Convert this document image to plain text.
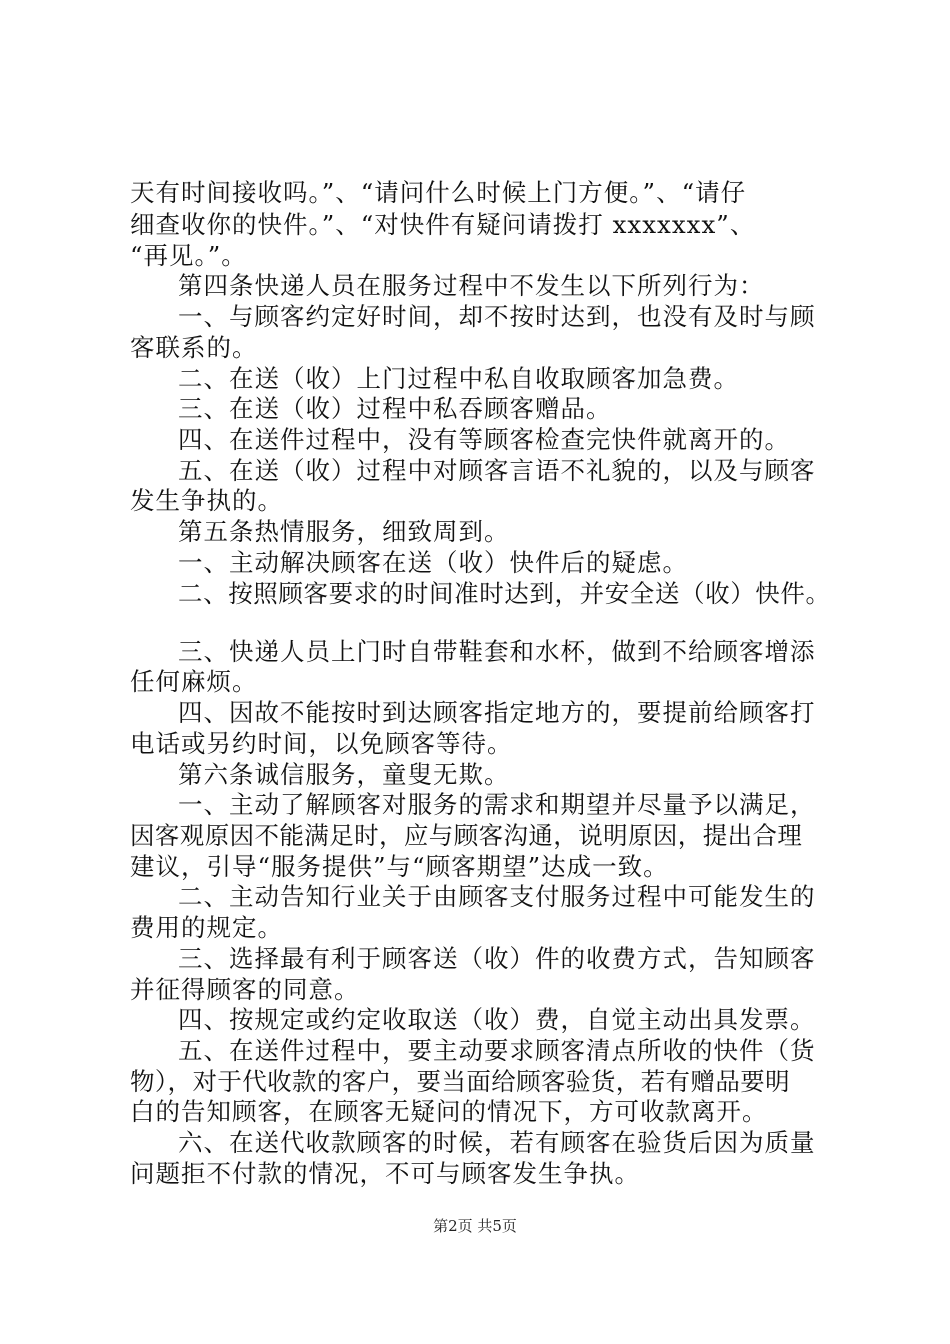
天有时间接收吗。”、“请问什么时候上门方便。”、“请仔
细查收你的快件。”、“对快件有疑问请拨打 xxxxxxx”、
“再见。”。
第四条快递人员在服务过程中不发生以下所列行为：
一、与顾客约定好时间，却不按时达到，也没有及时与顾
客联系的。
二、在送（收）上门过程中私自收取顾客加急费。
三、在送（收）过程中私吞顾客赠品。
四、在送件过程中，没有等顾客检查完快件就离开的。
五、在送（收）过程中对顾客言语不礼貌的，以及与顾客
发生争执的。
第五条热情服务，细致周到。
一、主动解决顾客在送（收）快件后的疑虑。
二、按照顾客要求的时间准时达到，并安全送（收）快件。
三、快递人员上门时自带鞋套和水杯，做到不给顾客增添
任何麻烦。
四、因故不能按时到达顾客指定地方的，要提前给顾客打
电话或另约时间，以免顾客等待。
第六条诚信服务，童叟无欺。
一、主动了解顾客对服务的需求和期望并尽量予以满足，
因客观原因不能满足时，应与顾客沟通，说明原因，提出合理
建议，引导“服务提供”与“顾客期望”达成一致。
二、主动告知行业关于由顾客支付服务过程中可能发生的
费用的规定。
三、选择最有利于顾客送（收）件的收费方式，告知顾客
并征得顾客的同意。
四、按规定或约定收取送（收）费，自觉主动出具发票。
五、在送件过程中，要主动要求顾客清点所收的快件（货
物），对于代收款的客户，要当面给顾客验货，若有赠品要明
白的告知顾客，在顾客无疑问的情况下，方可收款离开。
六、在送代收款顾客的时候，若有顾客在验货后因为质量
问题拒不付款的情况，不可与顾客发生争执。
第2页 共5页
